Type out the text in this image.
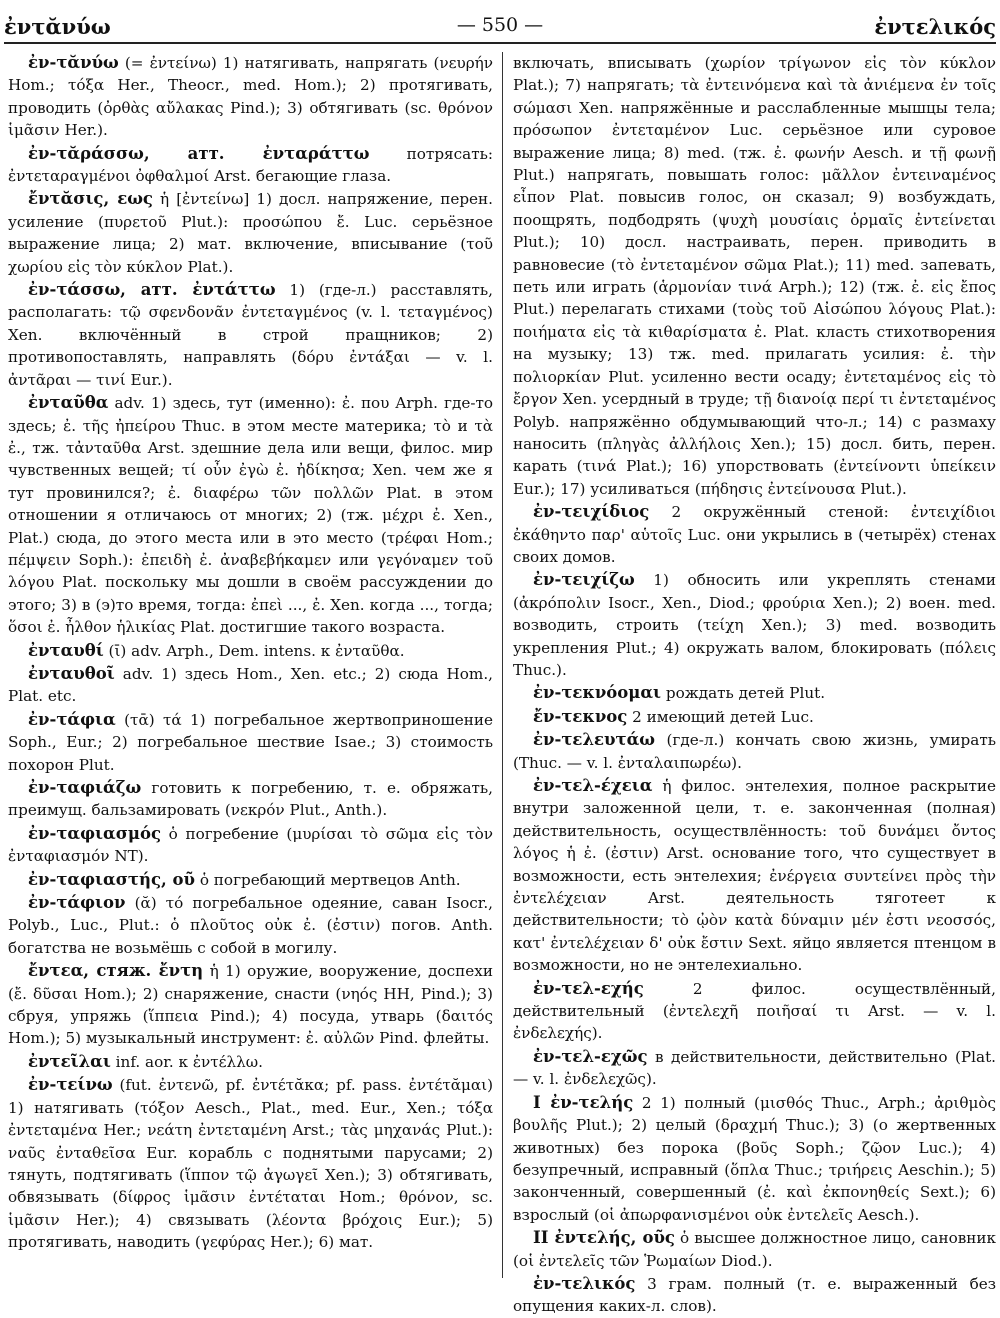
ἐντᾰνύω	— 550 —	ἐντελικός

ἐν-τᾰνύω (= ἐντείνω) 1) натягивать, напрягать (νευρήν Hom.; τόξα Her., Theocr., med. Hom.); 2) протягивать, проводить (ὀρθὰς αὔλακας Pind.); 3) обтягивать (sc. θρόνον ἱμᾶσιν Her.).

ἐν-τᾰράσσω, атт. ἐνταράττω потрясать: ἐντεταραγμένοι ὀφθαλμοί Arst. бегающие глаза.

ἔντᾰσις, εως ἡ [ἐντείνω] 1) досл. напряжение, перен. усиление (πυρετοῦ Plut.): προσώπου ἔ. Luc. серьёзное выражение лица; 2) мат. включение, вписывание (τοῦ χωρίου εἰς τὸν κύκλον Plat.).

ἐν-τάσσω, атт. ἐντάττω 1) (где-л.) расставлять, располагать: τῷ σφενδονᾶν ἐντεταγμένος (v. l. τεταγμένος) Xen. включённый в строй пращников; 2) противопоставлять, направлять (δόρυ ἐντάξαι — v. l. ἀντᾶραι — τινί Eur.).

ἐνταῦθα adv. 1) здесь, тут (именно): ἐ. που Arph. где-то здесь; ἐ. τῆς ἠπείρου Thuc. в этом месте материка; τὸ и τὰ ἐ., тж. τἀνταῦθα Arst. здешние дела или вещи, филос. мир чувственных вещей; τί οὖν ἐγὼ ἐ. ἠδίκησα; Xen. чем же я тут провинился?; ἐ. διαφέρω τῶν πολλῶν Plat. в этом отношении я отличаюсь от многих; 2) (тж. μέχρι ἐ. Xen., Plat.) сюда, до этого места или в это место (τρέφαι Hom.; πέμψειν Soph.): ἐπειδὴ ἐ. ἀναβεβήκαμεν или γεγόναμεν τοῦ λόγου Plat. поскольку мы дошли в своём рассуждении до этого; 3) в (э)то время, тогда: ἐπεὶ ..., ἐ. Xen. когда ..., тогда; ὅσοι ἐ. ἦλθον ἡλικίας Plat. достигшие такого возраста.

ἐνταυθί (ῑ) adv. Arph., Dem. intens. к ἐνταῦθα.

ἐνταυθοῖ adv. 1) здесь Hom., Xen. etc.; 2) сюда Hom., Plat. etc.

ἐν-τάφια (τᾱ) τά 1) погребальное жертвоприношение Soph., Eur.; 2) погребальное шествие Isae.; 3) стоимость похорон Plut.

ἐν-ταφιάζω готовить к погребению, т. е. обряжать, преимущ. бальзамировать (νεκρόν Plut., Anth.).

ἐν-ταφιασμός ὁ погребение (μυρίσαι τὸ σῶμα εἰς τὸν ἐνταφιασμόν NT).

ἐν-ταφιαστής, οῦ ὁ погребающий мертвецов Anth.

ἐν-τάφιον (ᾰ) τό погребальное одеяние, саван Isocr., Polyb., Luc., Plut.: ὁ πλοῦτος οὐκ ἐ. (ἐστιν) погов. Anth. богатства не возьмёшь с собой в могилу.

ἔντεα, стяж. ἔντη ἡ 1) оружие, вооружение, доспехи (ἔ. δῦσαι Hom.); 2) снаряжение, снасти (νηός HH, Pind.); 3) сбруя, упряжь (ἵππεια Pind.); 4) посуда, утварь (δαιτός Hom.); 5) музыкальный инструмент: ἐ. αὐλῶν Pind. флейты.

ἐντεῖλαι inf. aor. к ἐντέλλω.

ἐν-τείνω (fut. ἐντενῶ, pf. ἐντέτᾰκα; pf. pass. ἐντέτᾰμαι) 1) натягивать (τόξον Aesch., Plat., med. Eur., Xen.; τόξα ἐντεταμένα Her.; νεάτη ἐντεταμένη Arst.; τὰς μηχανάς Plut.): ναῦς ἐνταθεῖσα Eur. корабль с поднятыми парусами; 2) тянуть, подтягивать (ἵππον τῷ ἀγωγεῖ Xen.); 3) обтягивать, обвязывать (δίφρος ἱμᾶσιν ἐντέταται Hom.; θρόνον, sc. ἱμᾶσιν Her.); 4) связывать (λέοντα βρόχοις Eur.); 5) протягивать, наводить (γεφύρας Her.); 6) мат.

включать, вписывать (χωρίον τρίγωνον εἰς τὸν κύκλον Plat.); 7) напрягать; τὰ ἐντεινόμενα καὶ τὰ ἀνιέμενα ἐν τοῖς σώμασι Xen. напряжённые и расслабленные мышцы тела; πρόσωπον ἐντεταμένον Luc. серьёзное или суровое выражение лица; 8) med. (тж. ἐ. φωνήν Aesch. и τῇ φωνῇ Plut.) напрягать, повышать голос: μᾶλλον ἐντειναμένος εἶπον Plat. повысив голос, он сказал; 9) возбуждать, поощрять, подбодрять (ψυχὴ μουσίαις ὁρμαῖς ἐντείνεται Plut.); 10) досл. настраивать, перен. приводить в равновесие (τὸ ἐντεταμένον σῶμα Plat.); 11) med. запевать, петь или играть (ἁρμονίαν τινά Arph.); 12) (тж. ἐ. εἰς ἔπος Plut.) перелагать стихами (τοὺς τοῦ Αἰσώπου λόγους Plat.): ποιήματα εἰς τὰ κιθαρίσματα ἐ. Plat. класть стихотворения на музыку; 13) тж. med. прилагать усилия: ἐ. τὴν πολιορκίαν Plut. усиленно вести осаду; ἐντεταμένος εἰς τὸ ἔργον Xen. усердный в труде; τῇ διανοίᾳ περί τι ἐντεταμένος Polyb. напряжённо обдумывающий что-л.; 14) с размаху наносить (πληγὰς ἀλλήλοις Xen.); 15) досл. бить, перен. карать (τινά Plat.); 16) упорствовать (ἐντείνοντι ὑπείκειν Eur.); 17) усиливаться (πήδησις ἐντείνουσα Plut.).

ἐν-τειχίδιος 2 окружённый стеной: ἐντειχίδιοι ἐκάθηντο παρ' αὑτοῖς Luc. они укрылись в (четырёх) стенах своих домов.

ἐν-τειχίζω 1) обносить или укреплять стенами (ἀκρόπολιν Isocr., Xen., Diod.; φρούρια Xen.); 2) воен. med. возводить, строить (τείχη Xen.); 3) med. возводить укрепления Plut.; 4) окружать валом, блокировать (πόλεις Thuc.).

ἐν-τεκνόομαι рождать детей Plut.

ἔν-τεκνος 2 имеющий детей Luc.

ἐν-τελευτάω (где-л.) кончать свою жизнь, умирать (Thuc. — v. l. ἐνταλαιπωρέω).

ἐν-τελ-έχεια ἡ филос. энтелехия, полное раскрытие внутри заложенной цели, т. е. законченная (полная) действительность, осуществлённость: τοῦ δυνάμει ὄντος λόγος ἡ ἐ. (ἐστιν) Arst. основание того, что существует в возможности, есть энтелехия; ἐνέργεια συντείνει πρὸς τὴν ἐντελέχειαν Arst. деятельность тяготеет к действительности; τὸ ᾠὸν κατὰ δύναμιν μέν ἐστι νεοσσός, κατ' ἐντελέχειαν δ' οὐκ ἔστιν Sext. яйцо является птенцом в возможности, но не энтелехиально.

ἐν-τελ-εχής 2 филос. осуществлённый, действительный (ἐντελεχῆ ποιῆσαί τι Arst. — v. l. ἐνδελεχής).

ἐν-τελ-εχῶς в действительности, действительно (Plat. — v. l. ἐνδελεχῶς).

I ἐν-τελής 2 1) полный (μισθός Thuc., Arph.; ἀριθμὸς βουλῆς Plut.); 2) целый (δραχμή Thuc.); 3) (о жертвенных животных) без порока (βοῦς Soph.; ζῷον Luc.); 4) безупречный, исправный (ὅπλα Thuc.; τριήρεις Aeschin.); 5) законченный, совершенный (ἐ. καὶ ἐκπονηθείς Sext.); 6) взрослый (οἱ ἀπωρφανισμένοι οὐκ ἐντελεῖς Aesch.).

II ἐντελής, οῦς ὁ высшее должностное лицо, сановник (οἱ ἐντελεῖς τῶν Ῥωμαίων Diod.).

ἐν-τελικός 3 грам. полный (т. е. выраженный без опущения каких-л. слов).
